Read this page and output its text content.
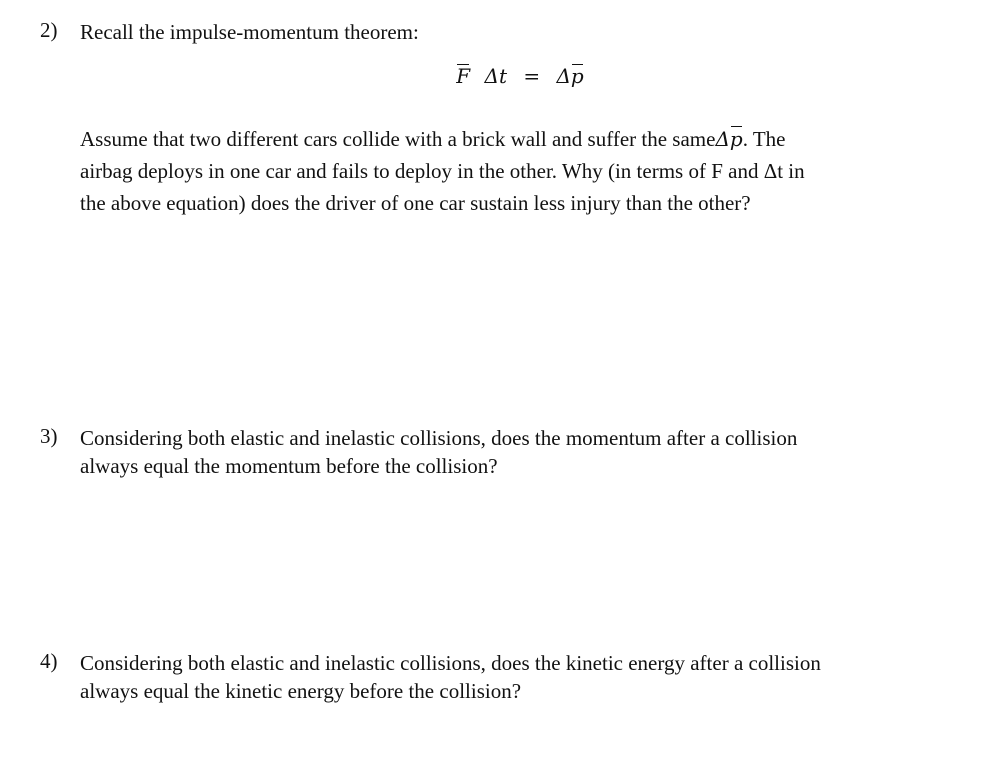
2) Recall the impulse-momentum theorem:
F Δt = Δp
Assume that two different cars collide with a brick wall and suffer the sameΔp. The
airbag deploys in one car and fails to deploy in the other. Why (in terms of F and Δt in
the above equation) does the driver of one car sustain less injury than the other?
3) Considering both elastic and inelastic collisions, does the momentum after a collision
always equal the momentum before the collision?
4) Considering both elastic and inelastic collisions, does the kinetic energy after a collision
always equal the kinetic energy before the collision?
